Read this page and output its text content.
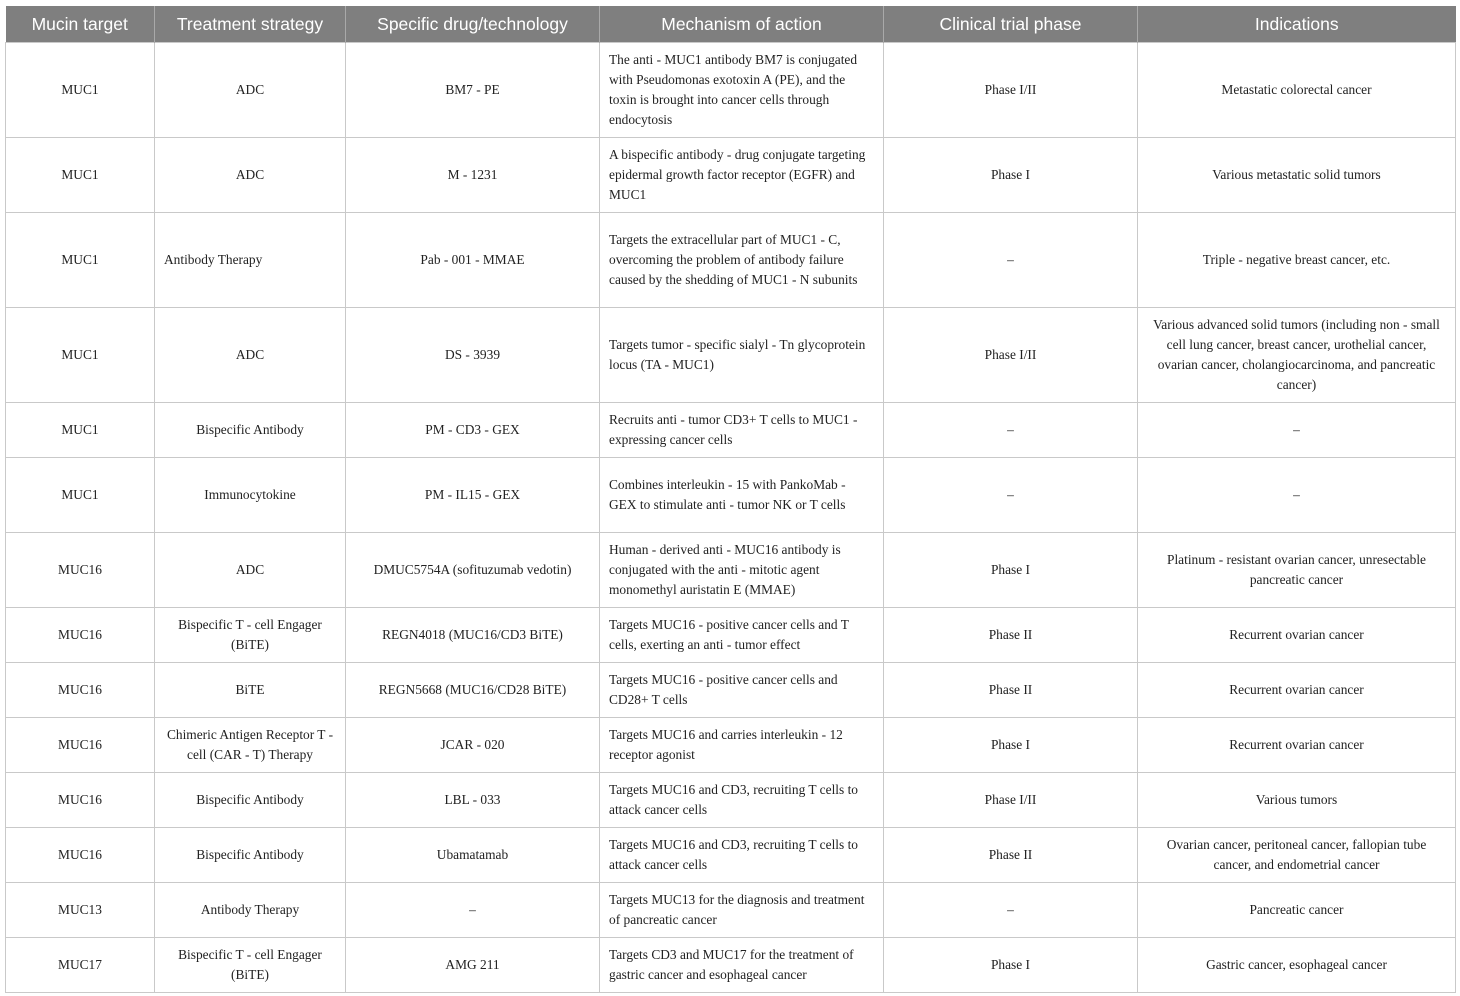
Mucin target	Treatment strategy	Specific drug/technology	Mechanism of action	Clinical trial phase	Indications
MUC1	ADC	BM7 - PE	The anti - MUC1 antibody BM7 is conjugated with Pseudomonas exotoxin A (PE), and the toxin is brought into cancer cells through endocytosis	Phase I/II	Metastatic colorectal cancer
MUC1	ADC	M - 1231	A bispecific antibody - drug conjugate targeting epidermal growth factor receptor (EGFR) and MUC1	Phase I	Various metastatic solid tumors
MUC1	Antibody Therapy	Pab - 001 - MMAE	Targets the extracellular part of MUC1 - C, overcoming the problem of antibody failure caused by the shedding of MUC1 - N subunits	–	Triple - negative breast cancer, etc.
MUC1	ADC	DS - 3939	Targets tumor - specific sialyl - Tn glycoprotein locus (TA - MUC1)	Phase I/II	Various advanced solid tumors (including non - small cell lung cancer, breast cancer, urothelial cancer, ovarian cancer, cholangiocarcinoma, and pancreatic cancer)
MUC1	Bispecific Antibody	PM - CD3 - GEX	Recruits anti - tumor CD3+ T cells to MUC1 - expressing cancer cells	–	–
MUC1	Immunocytokine	PM - IL15 - GEX	Combines interleukin - 15 with PankoMab - GEX to stimulate anti - tumor NK or T cells	–	–
MUC16	ADC	DMUC5754A (sofituzumab vedotin)	Human - derived anti - MUC16 antibody is conjugated with the anti - mitotic agent monomethyl auristatin E (MMAE)	Phase I	Platinum - resistant ovarian cancer, unresectable pancreatic cancer
MUC16	Bispecific T - cell Engager (BiTE)	REGN4018 (MUC16/CD3 BiTE)	Targets MUC16 - positive cancer cells and T cells, exerting an anti - tumor effect	Phase II	Recurrent ovarian cancer
MUC16	BiTE	REGN5668 (MUC16/CD28 BiTE)	Targets MUC16 - positive cancer cells and CD28+ T cells	Phase II	Recurrent ovarian cancer
MUC16	Chimeric Antigen Receptor T - cell (CAR - T) Therapy	JCAR - 020	Targets MUC16 and carries interleukin - 12 receptor agonist	Phase I	Recurrent ovarian cancer
MUC16	Bispecific Antibody	LBL - 033	Targets MUC16 and CD3, recruiting T cells to attack cancer cells	Phase I/II	Various tumors
MUC16	Bispecific Antibody	Ubamatamab	Targets MUC16 and CD3, recruiting T cells to attack cancer cells	Phase II	Ovarian cancer, peritoneal cancer, fallopian tube cancer, and endometrial cancer
MUC13	Antibody Therapy	–	Targets MUC13 for the diagnosis and treatment of pancreatic cancer	–	Pancreatic cancer
MUC17	Bispecific T - cell Engager (BiTE)	AMG 211	Targets CD3 and MUC17 for the treatment of gastric cancer and esophageal cancer	Phase I	Gastric cancer, esophageal cancer
